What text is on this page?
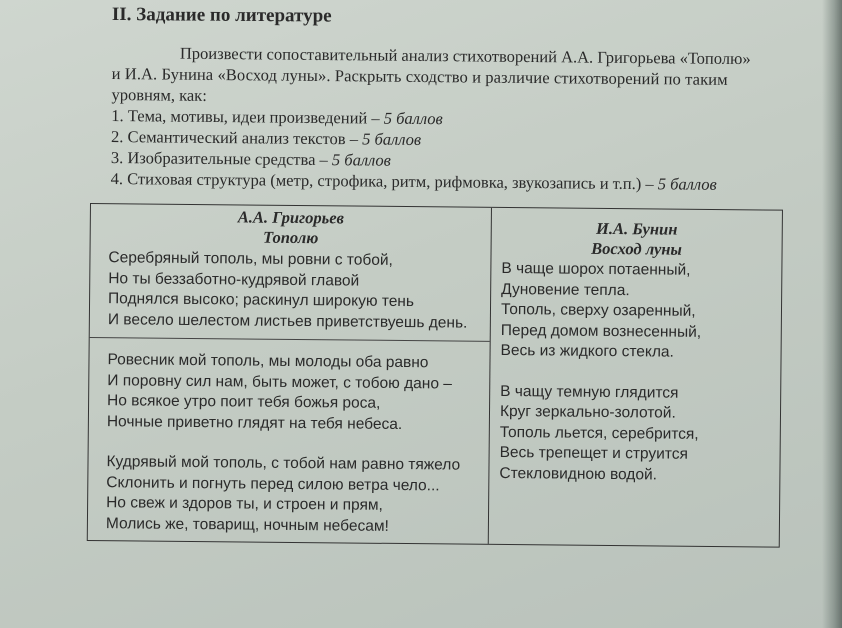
II. Задание по литературе

Произвести сопоставительный анализ стихотворений А.А. Григорьева «Тополю»

и И.А. Бунина «Восход луны». Раскрыть сходство и различие стихотворений по таким

уровням, как:

1. Тема, мотивы, идеи произведений – 5 баллов
2. Семантический анализ текстов – 5 баллов
3. Изобразительные средства – 5 баллов
4. Стиховая структура (метр, строфика, ритм, рифмовка, звукозапись и т.п.) – 5 баллов
А.А. Григорьев
Тополю
Серебряный тополь, мы ровни с тобой,
Но ты беззаботно-кудрявой главой
Поднялся высоко; раскинул широкую тень
И весело шелестом листьев приветствуешь день.
Ровесник мой тополь, мы молоды оба равно
И поровну сил нам, быть может, с тобою дано –
Но всякое утро поит тебя божья роса,
Ночные приветно глядят на тебя небеса.
Кудрявый мой тополь, с тобой нам равно тяжело
Склонить и погнуть перед силою ветра чело...
Но свеж и здоров ты, и строен и прям,
Молись же, товарищ, ночным небесам!
И.А. Бунин
Восход луны
В чаще шорох потаенный,
Дуновение тепла.
Тополь, сверху озаренный,
Перед домом вознесенный,
Весь из жидкого стекла.
В чащу темную глядится
Круг зеркально-золотой.
Тополь льется, серебрится,
Весь трепещет и струится
Стекловидною водой.
